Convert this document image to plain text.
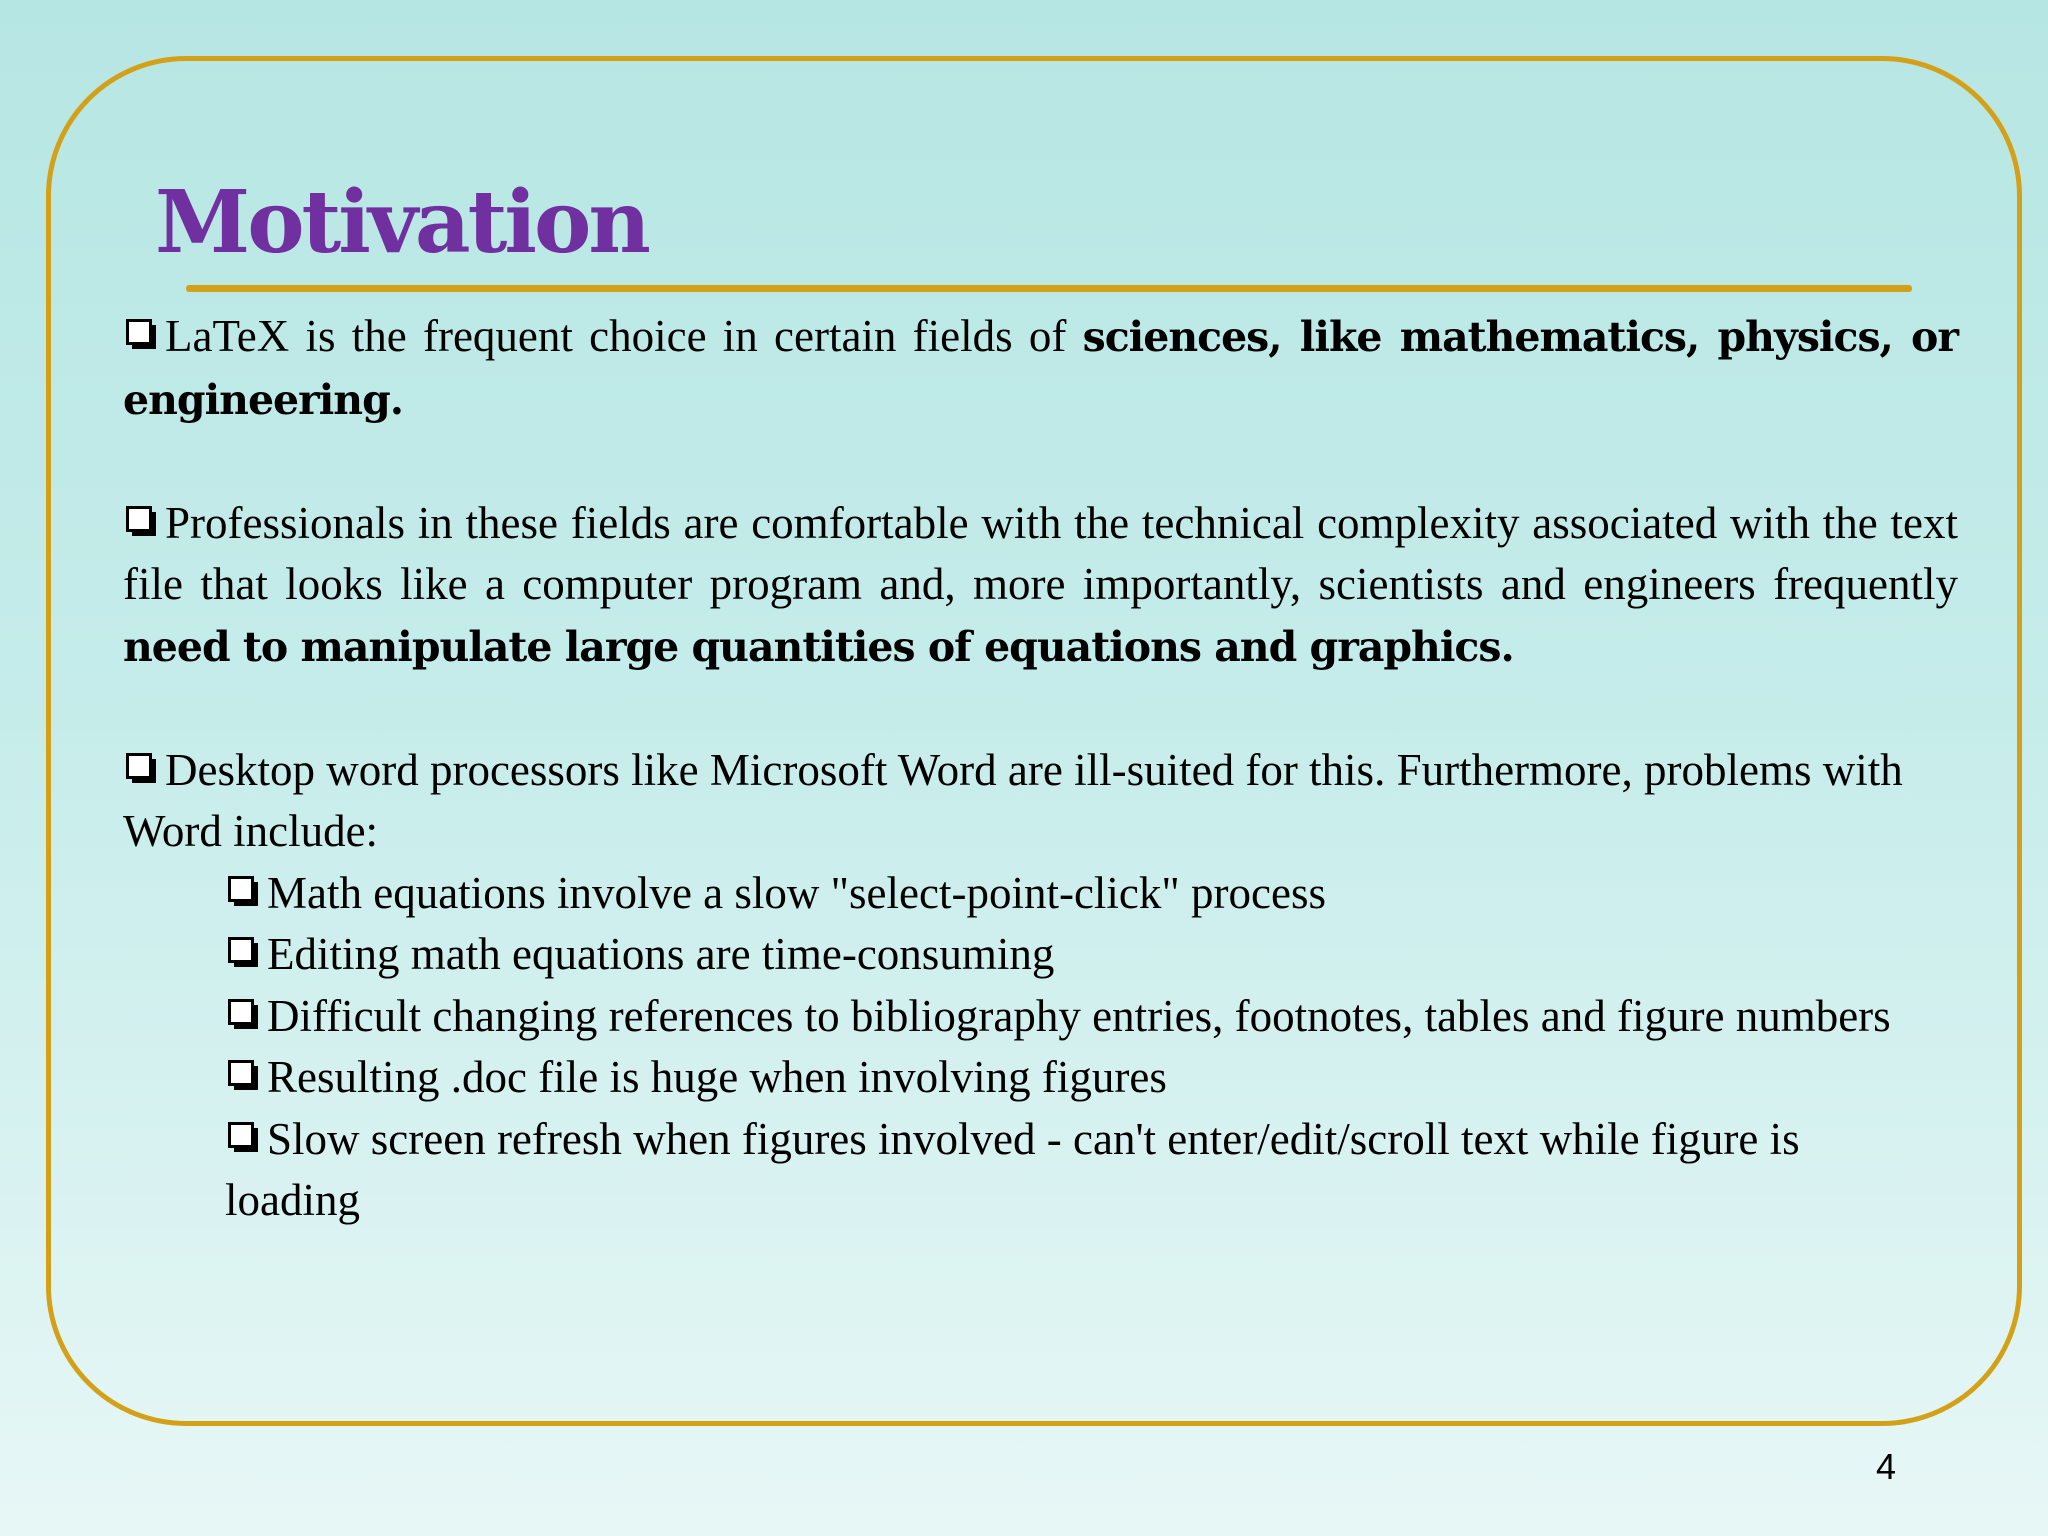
Motivation

LaTeX is the frequent choice in certain fields of sciences, like mathematics, physics, or engineering.

Professionals in these fields are comfortable with the technical complexity associated with the text file that looks like a computer program and, more importantly, scientists and engineers frequently need to manipulate large quantities of equations and graphics.

Desktop word processors like Microsoft Word are ill-suited for this. Furthermore, problems with Word include:

Math equations involve a slow "select-point-click" process
Editing math equations are time-consuming
Difficult changing references to bibliography entries, footnotes, tables and figure numbers
Resulting .doc file is huge when involving figures
Slow screen refresh when figures involved - can't enter/edit/scroll text while figure is loading
4
